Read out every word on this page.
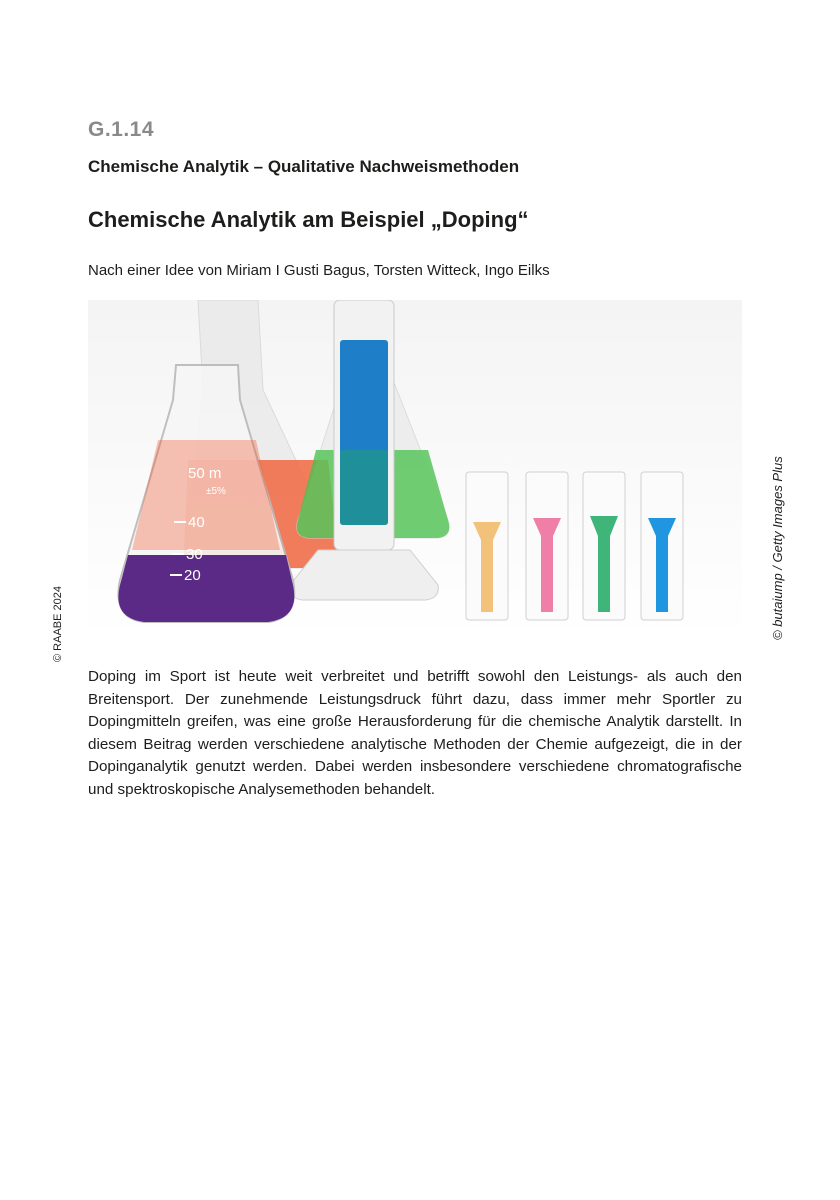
G.1.14
Chemische Analytik – Qualitative Nachweismethoden
Chemische Analytik am Beispiel „Doping“
Nach einer Idee von Miriam I Gusti Bagus, Torsten Witteck, Ingo Eilks
50 m
±5%
40
30
20	© butaiump / Getty Images Plus
© RAABE 2024

Doping im Sport ist heute weit verbreitet und betrifft sowohl den Leistungs- als auch den Breitensport. Der zunehmende Leistungsdruck führt dazu, dass immer mehr Sportler zu Dopingmitteln greifen, was eine große Herausforderung für die chemische Analytik darstellt. In diesem Beitrag werden verschiedene analytische Methoden der Chemie aufgezeigt, die in der Dopinganalytik genutzt werden. Dabei werden insbesondere verschiedene chromatografische und spektroskopische Analysemethoden behandelt.
